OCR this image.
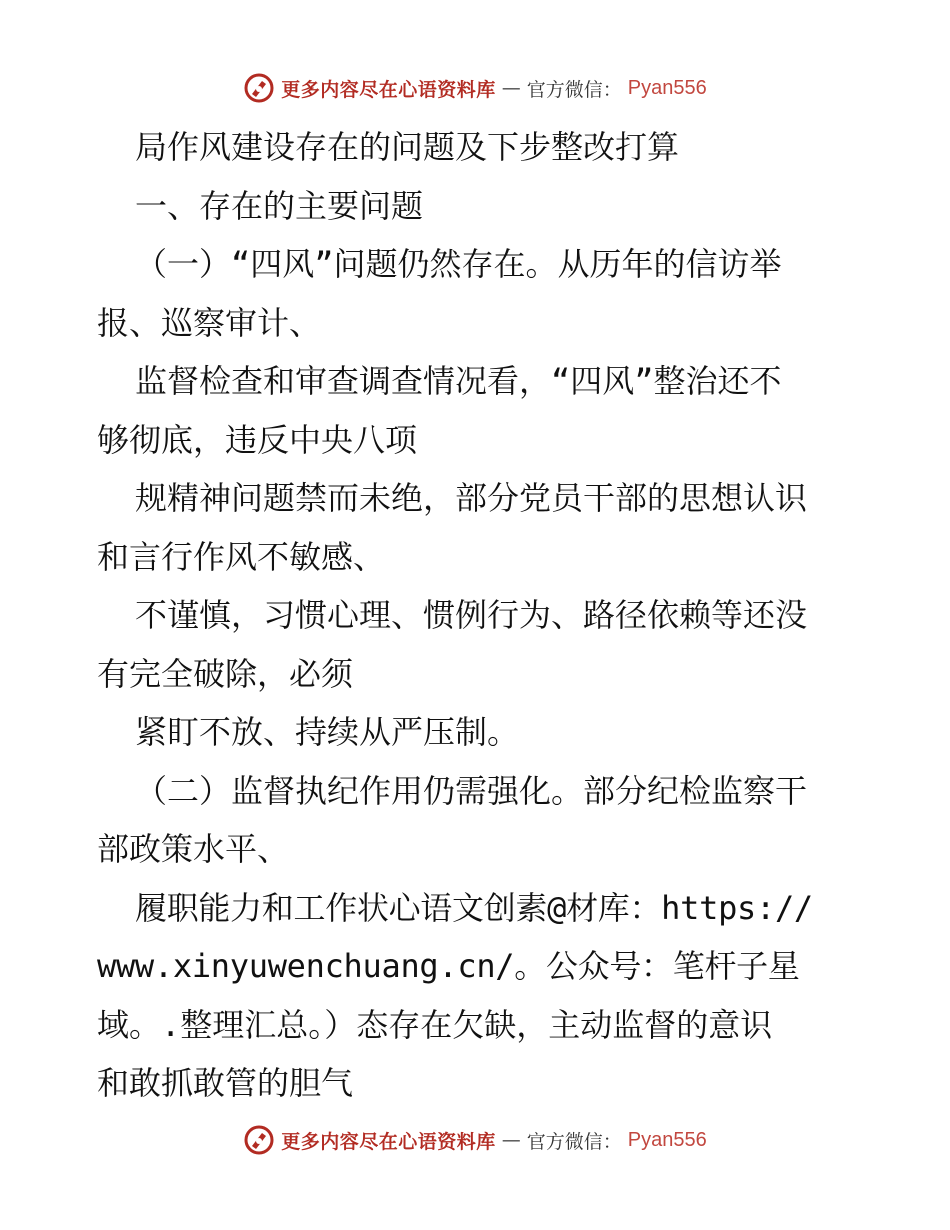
更多内容尽在心语资料库 — 官方微信： Pyan556
局作风建设存在的问题及下步整改打算
一、存在的主要问题
（一）“四风”问题仍然存在。从历年的信访举
报、巡察审计、
监督检查和审查调查情况看，“四风”整治还不
够彻底，违反中央八项
规精神问题禁而未绝，部分党员干部的思想认识
和言行作风不敏感、
不谨慎，习惯心理、惯例行为、路径依赖等还没
有完全破除，必须
紧盯不放、持续从严压制。
（二）监督执纪作用仍需强化。部分纪检监察干
部政策水平、
履职能力和工作状心语文创素@材库：https://
www.xinyuwenchuang.cn/。公众号：笔杆子星
域。.整理汇总。）态存在欠缺，主动监督的意识
和敢抓敢管的胆气
更多内容尽在心语资料库 — 官方微信： Pyan556
